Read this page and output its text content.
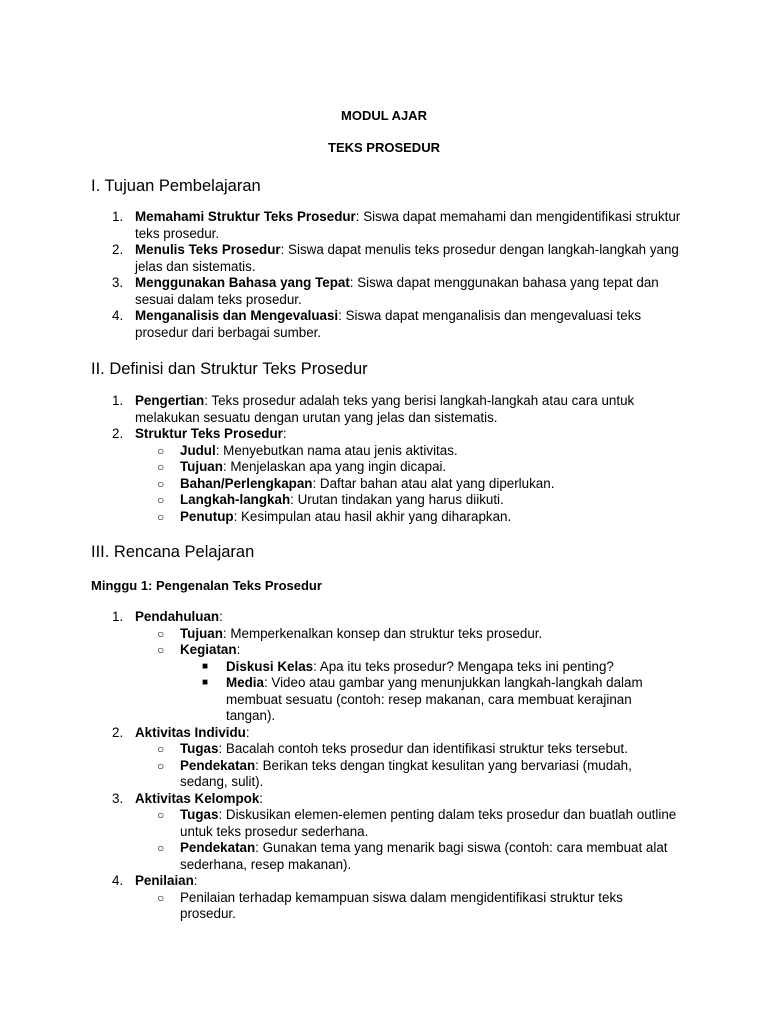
MODUL AJAR
TEKS PROSEDUR
I. Tujuan Pembelajaran
1. Memahami Struktur Teks Prosedur: Siswa dapat memahami dan mengidentifikasi struktur teks prosedur.
2. Menulis Teks Prosedur: Siswa dapat menulis teks prosedur dengan langkah-langkah yang jelas dan sistematis.
3. Menggunakan Bahasa yang Tepat: Siswa dapat menggunakan bahasa yang tepat dan sesuai dalam teks prosedur.
4. Menganalisis dan Mengevaluasi: Siswa dapat menganalisis dan mengevaluasi teks prosedur dari berbagai sumber.
II. Definisi dan Struktur Teks Prosedur
1. Pengertian: Teks prosedur adalah teks yang berisi langkah-langkah atau cara untuk melakukan sesuatu dengan urutan yang jelas dan sistematis.
2. Struktur Teks Prosedur:
○ Judul: Menyebutkan nama atau jenis aktivitas.
○ Tujuan: Menjelaskan apa yang ingin dicapai.
○ Bahan/Perlengkapan: Daftar bahan atau alat yang diperlukan.
○ Langkah-langkah: Urutan tindakan yang harus diikuti.
○ Penutup: Kesimpulan atau hasil akhir yang diharapkan.
III. Rencana Pelajaran
Minggu 1: Pengenalan Teks Prosedur
1. Pendahuluan:
○ Tujuan: Memperkenalkan konsep dan struktur teks prosedur.
○ Kegiatan:
■ Diskusi Kelas: Apa itu teks prosedur? Mengapa teks ini penting?
■ Media: Video atau gambar yang menunjukkan langkah-langkah dalam membuat sesuatu (contoh: resep makanan, cara membuat kerajinan tangan).
2. Aktivitas Individu:
○ Tugas: Bacalah contoh teks prosedur dan identifikasi struktur teks tersebut.
○ Pendekatan: Berikan teks dengan tingkat kesulitan yang bervariasi (mudah, sedang, sulit).
3. Aktivitas Kelompok:
○ Tugas: Diskusikan elemen-elemen penting dalam teks prosedur dan buatlah outline untuk teks prosedur sederhana.
○ Pendekatan: Gunakan tema yang menarik bagi siswa (contoh: cara membuat alat sederhana, resep makanan).
4. Penilaian:
○ Penilaian terhadap kemampuan siswa dalam mengidentifikasi struktur teks prosedur.
